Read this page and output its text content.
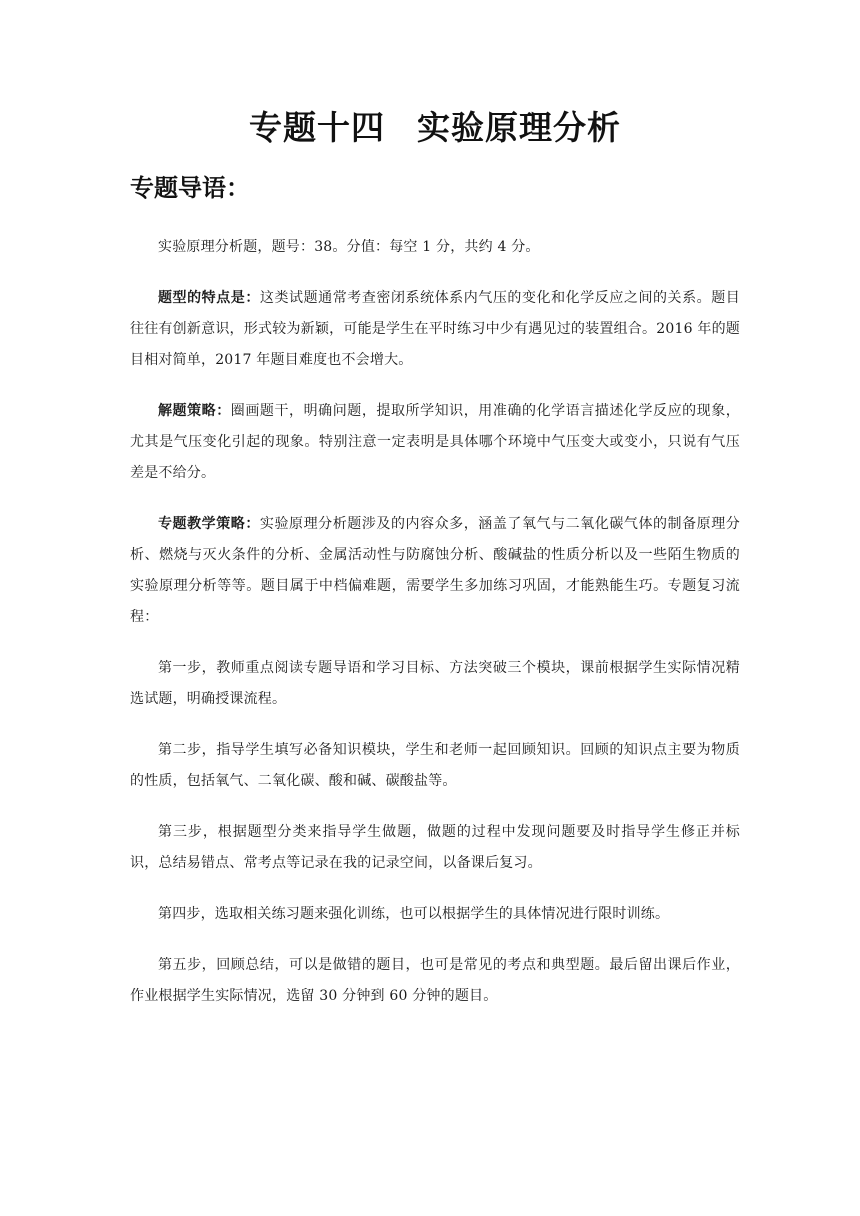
专题十四 实验原理分析
专题导语：

实验原理分析题，题号：38。分值：每空 1 分，共约 4 分。

题型的特点是：这类试题通常考查密闭系统体系内气压的变化和化学反应之间的关系。题目往往有创新意识，形式较为新颖，可能是学生在平时练习中少有遇见过的装置组合。2016 年的题目相对简单，2017 年题目难度也不会增大。

解题策略：圈画题干，明确问题，提取所学知识，用准确的化学语言描述化学反应的现象，尤其是气压变化引起的现象。特别注意一定表明是具体哪个环境中气压变大或变小，只说有气压差是不给分。

专题教学策略：实验原理分析题涉及的内容众多，涵盖了氧气与二氧化碳气体的制备原理分析、燃烧与灭火条件的分析、金属活动性与防腐蚀分析、酸碱盐的性质分析以及一些陌生物质的实验原理分析等等。题目属于中档偏难题，需要学生多加练习巩固，才能熟能生巧。专题复习流程：

第一步，教师重点阅读专题导语和学习目标、方法突破三个模块，课前根据学生实际情况精选试题，明确授课流程。

第二步，指导学生填写必备知识模块，学生和老师一起回顾知识。回顾的知识点主要为物质的性质，包括氧气、二氧化碳、酸和碱、碳酸盐等。

第三步，根据题型分类来指导学生做题，做题的过程中发现问题要及时指导学生修正并标识，总结易错点、常考点等记录在我的记录空间，以备课后复习。

第四步，选取相关练习题来强化训练，也可以根据学生的具体情况进行限时训练。

第五步，回顾总结，可以是做错的题目，也可是常见的考点和典型题。最后留出课后作业，作业根据学生实际情况，选留 30 分钟到 60 分钟的题目。
